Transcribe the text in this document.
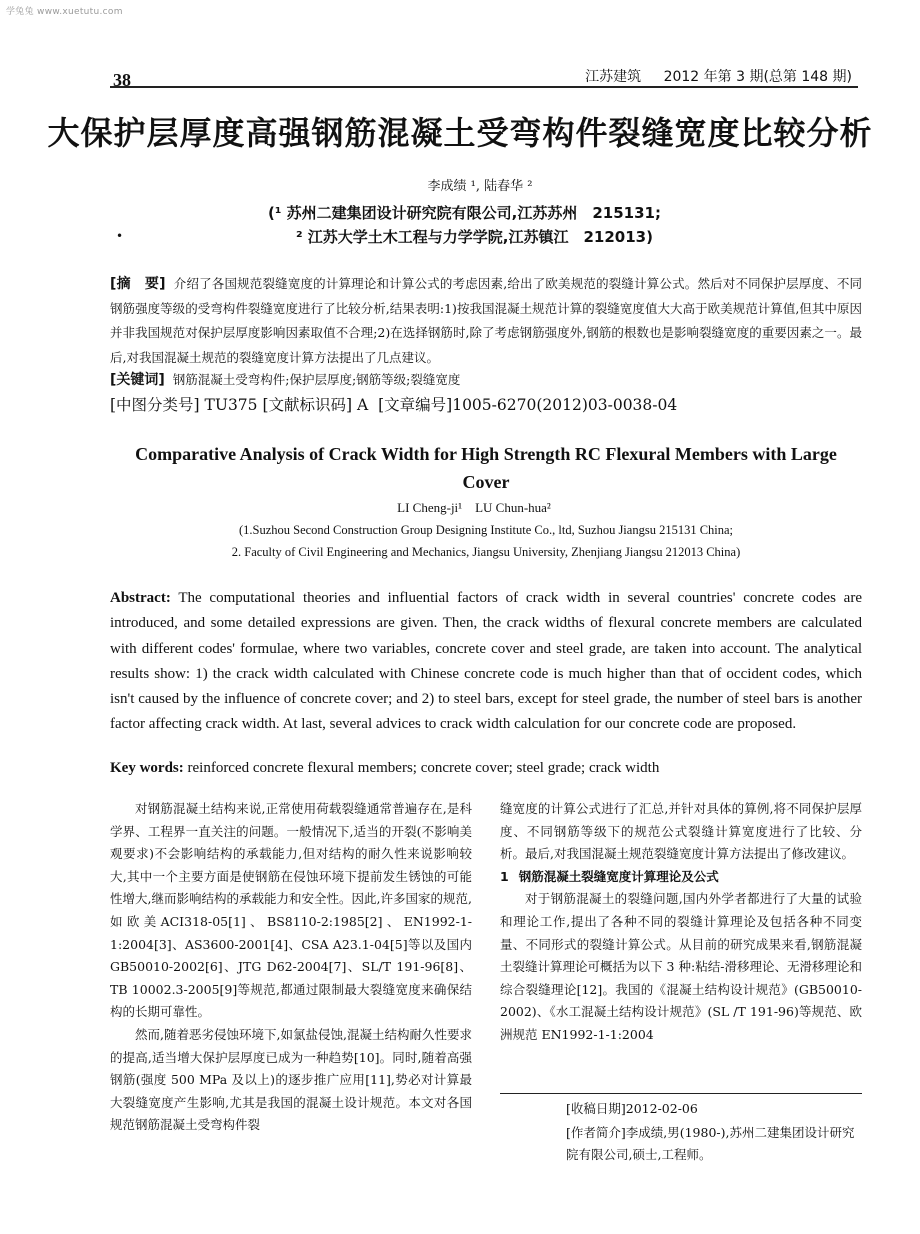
学兔兔 www.xuetutu.com
38	江苏建筑 2012 年第 3 期(总第 148 期)
大保护层厚度高强钢筋混凝土受弯构件裂缝宽度比较分析
李成绩 ¹, 陆春华 ²
(¹ 苏州二建集团设计研究院有限公司,江苏苏州　215131;
² 江苏大学土木工程与力学学院,江苏镇江　212013)
•
[摘　要] 介绍了各国规范裂缝宽度的计算理论和计算公式的考虑因素,给出了欧美规范的裂缝计算公式。然后对不同保护层厚度、不同钢筋强度等级的受弯构件裂缝宽度进行了比较分析,结果表明:1)按我国混凝土规范计算的裂缝宽度值大大高于欧美规范计算值,但其中原因并非我国规范对保护层厚度影响因素取值不合理;2)在选择钢筋时,除了考虑钢筋强度外,钢筋的根数也是影响裂缝宽度的重要因素之一。最后,对我国混凝土规范的裂缝宽度计算方法提出了几点建议。
[关键词] 钢筋混凝土受弯构件;保护层厚度;钢筋等级;裂缝宽度
[中图分类号] TU375 [文献标识码] A [文章编号]1005-6270(2012)03-0038-04
Comparative Analysis of Crack Width for High Strength RC Flexural Members with Large Cover
LI Cheng-ji¹　LU Chun-hua²
(1.Suzhou Second Construction Group Designing Institute Co., ltd, Suzhou Jiangsu 215131 China;
2. Faculty of Civil Engineering and Mechanics, Jiangsu University, Zhenjiang Jiangsu 212013 China)
Abstract: The computational theories and influential factors of crack width in several countries' concrete codes are introduced, and some detailed expressions are given. Then, the crack widths of flexural concrete members are calculated with different codes' formulae, where two variables, concrete cover and steel grade, are taken into account. The analytical results show: 1) the crack width calculated with Chinese concrete code is much higher than that of occident codes, which isn't caused by the influence of concrete cover; and 2) to steel bars, except for steel grade, the number of steel bars is another factor affecting crack width. At last, several advices to crack width calculation for our concrete code are proposed.
Key words: reinforced concrete flexural members; concrete cover; steel grade; crack width

对钢筋混凝土结构来说,正常使用荷载裂缝通常普遍存在,是科学界、工程界一直关注的问题。一般情况下,适当的开裂(不影响美观要求)不会影响结构的承载能力,但对结构的耐久性来说影响较大,其中一个主要方面是使钢筋在侵蚀环境下提前发生锈蚀的可能性增大,继而影响结构的承载能力和安全性。因此,许多国家的规范,如欧美ACI318-05[1]、BS8110-2:1985[2]、EN1992-1-1:2004[3]、AS3600-2001[4]、CSA A23.1-04[5]等以及国内 GB50010-2002[6]、JTG D62-2004[7]、SL/T 191-96[8]、TB 10002.3-2005[9]等规范,都通过限制最大裂缝宽度来确保结构的长期可靠性。

然而,随着恶劣侵蚀环境下,如氯盐侵蚀,混凝土结构耐久性要求的提高,适当增大保护层厚度已成为一种趋势[10]。同时,随着高强钢筋(强度 500 MPa 及以上)的逐步推广应用[11],势必对计算最大裂缝宽度产生影响,尤其是我国的混凝土设计规范。本文对各国规范钢筋混凝土受弯构件裂

缝宽度的计算公式进行了汇总,并针对具体的算例,将不同保护层厚度、不同钢筋等级下的规范公式裂缝计算宽度进行了比较、分析。最后,对我国混凝土规范裂缝宽度计算方法提出了修改建议。

1 钢筋混凝土裂缝宽度计算理论及公式

对于钢筋混凝土的裂缝问题,国内外学者都进行了大量的试验和理论工作,提出了各种不同的裂缝计算理论及包括各种不同变量、不同形式的裂缝计算公式。从目前的研究成果来看,钢筋混凝土裂缝计算理论可概括为以下 3 种:粘结-滑移理论、无滑移理论和综合裂缝理论[12]。我国的《混凝土结构设计规范》(GB50010-2002)、《水工混凝土结构设计规范》(SL /T 191-96)等规范、欧洲规范 EN1992-1-1:2004

[收稿日期]2012-02-06
[作者简介]李成绩,男(1980-),苏州二建集团设计研究院有限公司,硕士,工程师。
